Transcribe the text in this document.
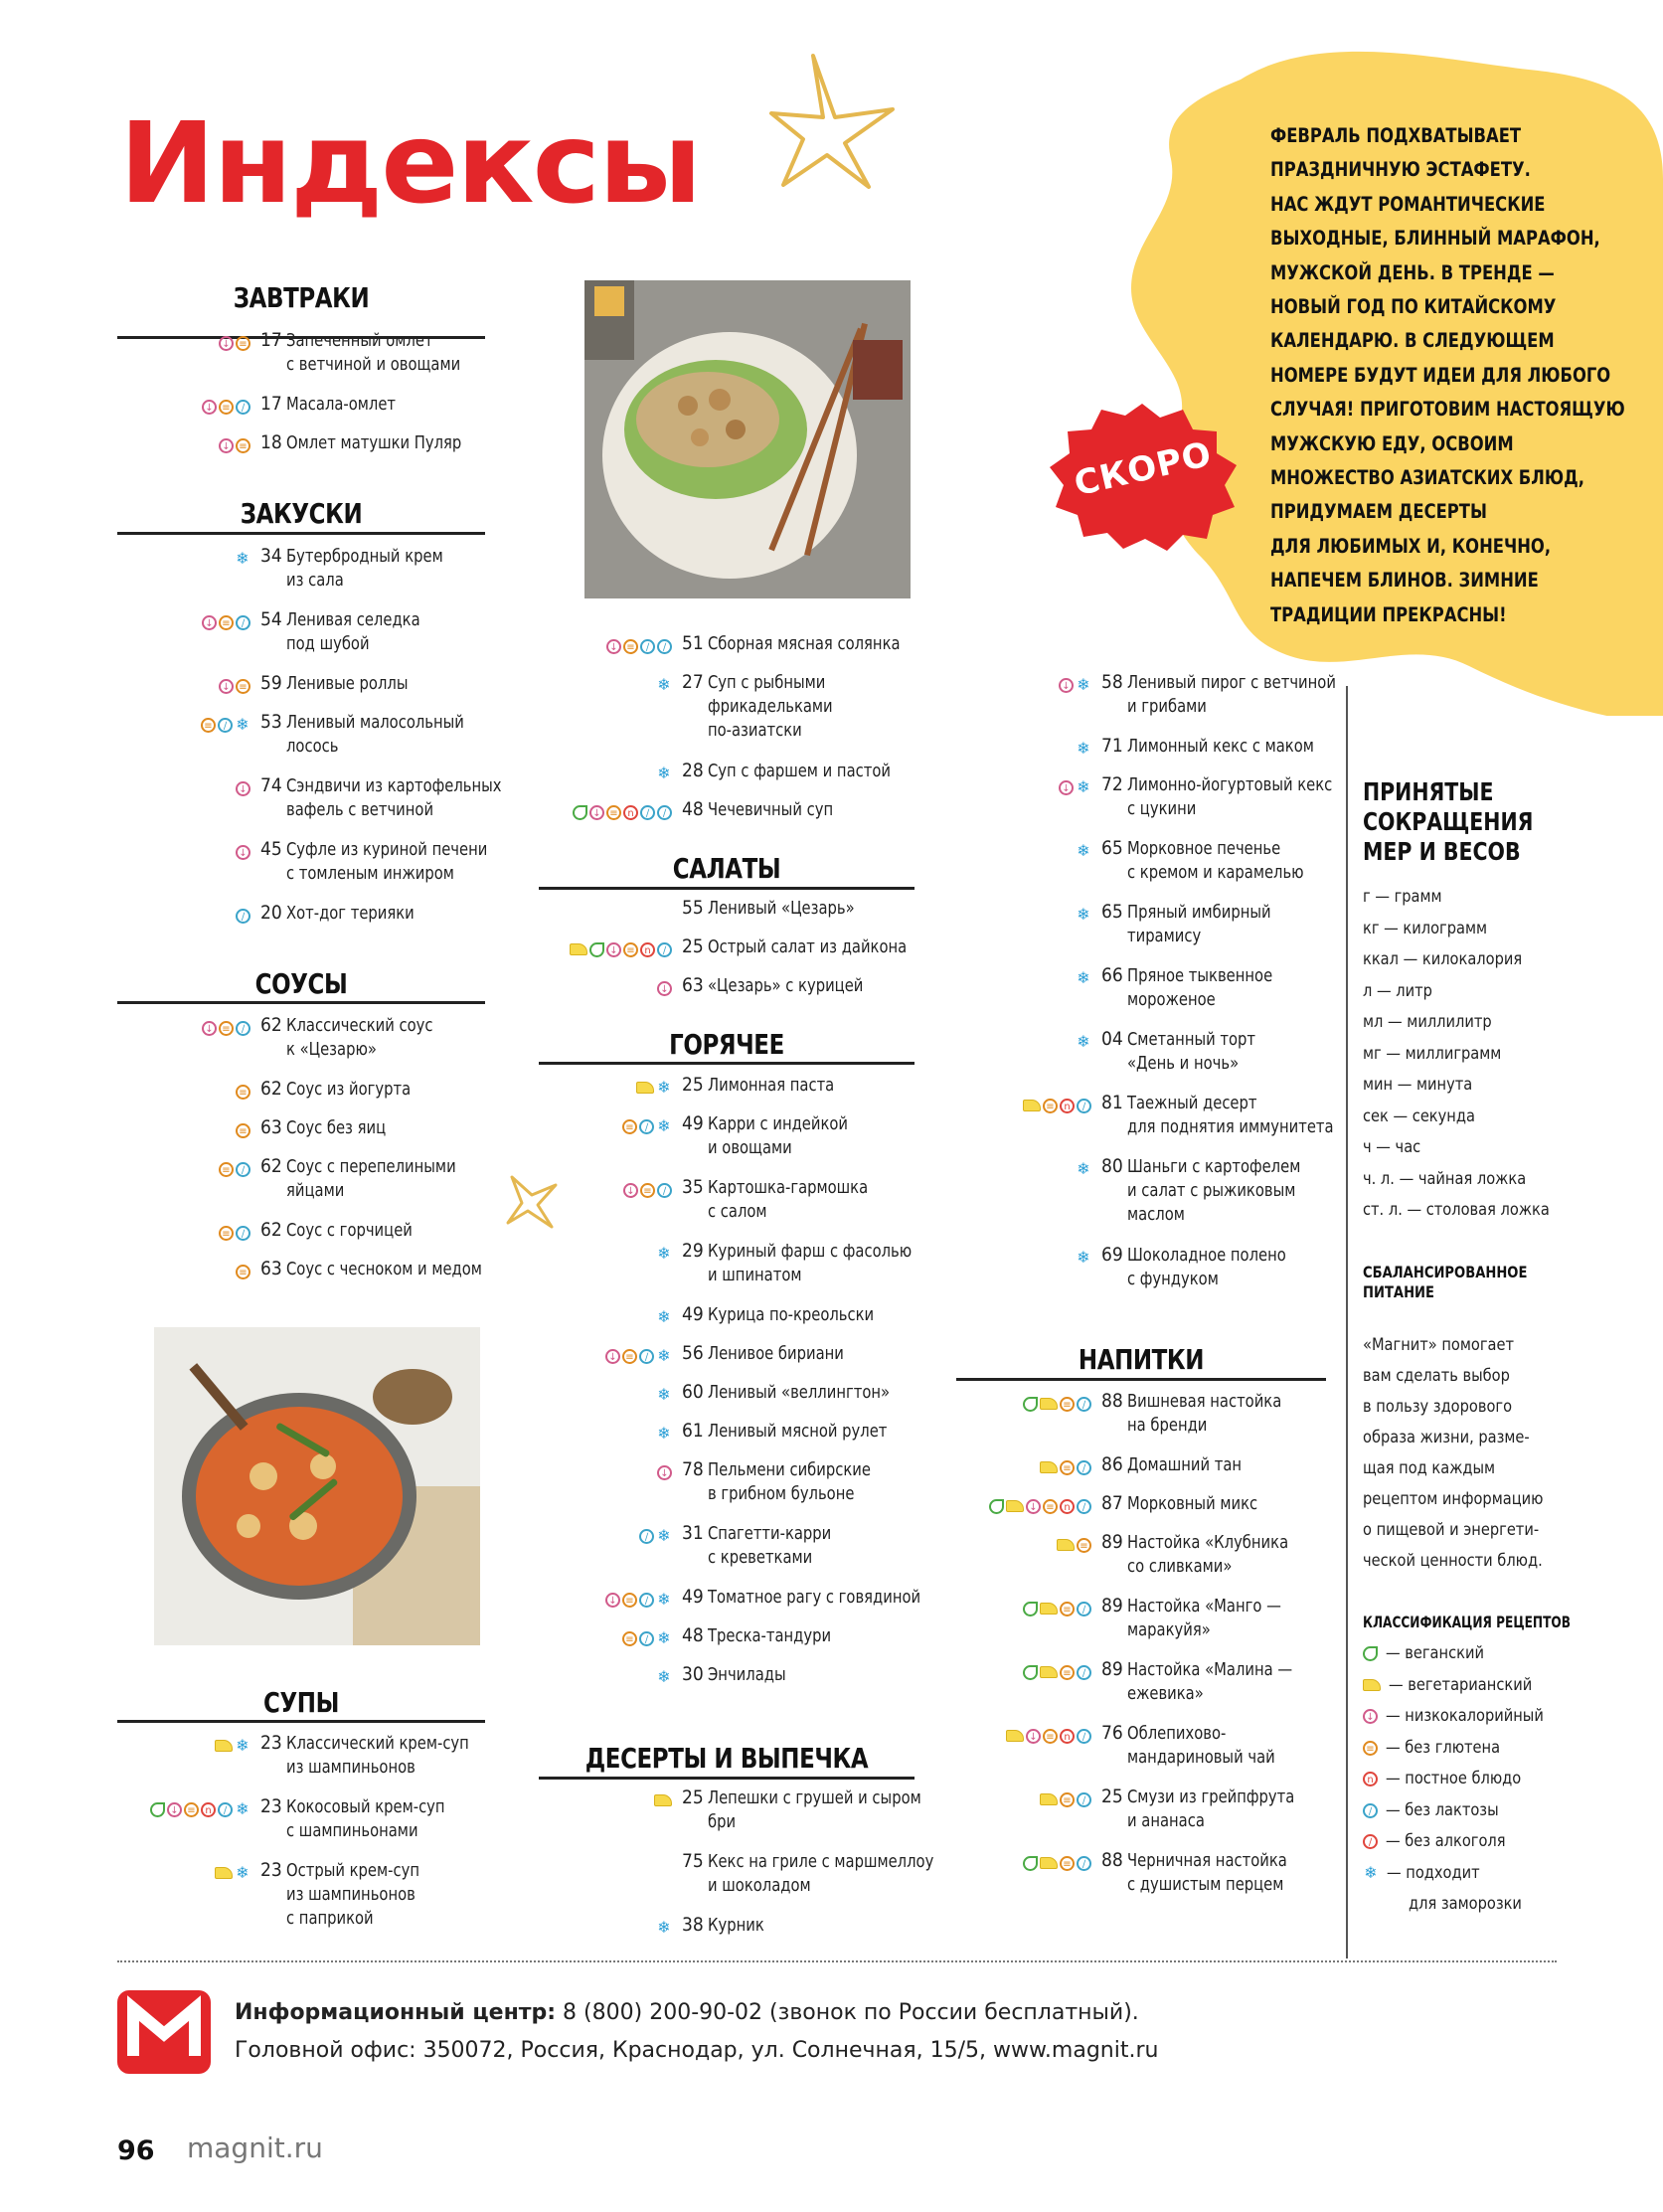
Индексы	ФЕВРАЛЬ ПОДХВАТЫВАЕТ
ПРАЗДНИЧНУЮ ЭСТАФЕТУ.
НАС ЖДУТ РОМАНТИЧЕСКИЕ
ВЫХОДНЫЕ, БЛИННЫЙ МАРАФОН,
МУЖСКОЙ ДЕНЬ. В ТРЕНДЕ —
НОВЫЙ ГОД ПО КИТАЙСКОМУ
КАЛЕНДАРЮ. В СЛЕДУЮЩЕМ
НОМЕРЕ БУДУТ ИДЕИ ДЛЯ ЛЮБОГО
СЛУЧАЯ! ПРИГОТОВИМ НАСТОЯЩУЮ
МУЖСКУЮ ЕДУ, ОСВОИМ
МНОЖЕСТВО АЗИАТСКИХ БЛЮД,
ПРИДУМАЕМ ДЕСЕРТЫ
ДЛЯ ЛЮБИМЫХ И, КОНЕЧНО,
НАПЕЧЕМ БЛИНОВ. ЗИМНИЕ
ТРАДИЦИИ ПРЕКРАСНЫ!
СКОРО
ПРИНЯТЫЕ
СОКРАЩЕНИЯ
МЕР И ВЕСОВ
г — грамм
кг — килограмм
ккал — килокалория
л — литр
мл — миллилитр
мг — миллиграмм
мин — минута
сек — секунда
ч — час
ч. л. — чайная ложка
ст. л. — столовая ложка
СБАЛАНСИРОВАННОЕ
ПИТАНИЕ
«Магнит» помогает
вам сделать выбор
в пользу здорового
образа жизни, разме-
щая под каждым
рецептом информацию
о пищевой и энергети-
ческой ценности блюд.
КЛАССИФИКАЦИЯ РЕЦЕПТОВ
— веганский
— вегетарианский
↓ — низкокалорийный
≡ — без глютена
n — постное блюдо
∕ — без лактозы
∕ — без алкоголя
❄ — подходит
для заморозки
Информационный центр: 8 (800) 200-90-02 (звонок по России бесплатный).
Головной офис: 350072, Россия, Краснодар, ул. Солнечная, 15/5, www.magnit.ru
96 magnit.ru
ЗАВТРАКИ
↓ ≡ 17 Запеченный омлет
с ветчиной и овощами
↓ ≡	∕ 17 Масала-омлет
↓ ≡ 18 Омлет матушки Пуляр
ЗАКУСКИ
❄ 34 Бутербродный крем
из сала
↓ ≡	∕ 54 Ленивая селедка
под шубой
↓ ≡ 59 Ленивые роллы
≡	∕ ❄ 53 Ленивый малосольный
лосось
↓ 74 Сэндвичи из картофельных
вафель с ветчиной
↓ 45 Суфле из куриной печени
с томленым инжиром
∕ 20 Хот-дог терияки
СОУСЫ
↓ ≡	∕ 62 Классический соус
к «Цезарю»
≡ 62 Соус из йогурта
≡ 63 Соус без яиц
≡	∕ 62 Соус с перепелиными
яйцами
≡	∕ 62 Соус с горчицей
≡ 63 Соус с чесноком и медом
СУПЫ
❄ 23 Классический крем-суп
из шампиньонов
↓ ≡ n	∕ ❄ 23 Кокосовый крем-суп
с шампиньонами
❄ 23 Острый крем-суп
из шампиньонов
с паприкой
↓ ≡	∕	∕ 51 Сборная мясная солянка
❄ 27 Суп с рыбными
фрикадельками
по-азиатски
❄ 28 Суп с фаршем и пастой
↓ ≡ n	∕	∕ 48 Чечевичный суп
САЛАТЫ
55 Ленивый «Цезарь»
↓ ≡ n	∕ 25 Острый салат из дайкона
↓ 63 «Цезарь» с курицей
ГОРЯЧЕЕ
❄ 25 Лимонная паста
≡	∕ ❄ 49 Карри с индейкой
и овощами
↓ ≡	∕ 35 Картошка-гармошка
с салом
❄ 29 Куриный фарш с фасолью
и шпинатом
❄ 49 Курица по-креольски
↓ ≡	∕ ❄ 56 Ленивое бириани
❄ 60 Ленивый «веллингтон»
❄ 61 Ленивый мясной рулет
↓ 78 Пельмени сибирские
в грибном бульоне
∕ ❄ 31 Спагетти-карри
с креветками
↓ ≡	∕ ❄ 49 Томатное рагу с говядиной
≡	∕ ❄ 48 Треска-тандури
❄ 30 Энчилады
ДЕСЕРТЫ И ВЫПЕЧКА
25 Лепешки с грушей и сыром
бри
75 Кекс на гриле с маршмеллоу
и шоколадом
❄ 38 Курник
↓ ❄ 58 Ленивый пирог с ветчиной
и грибами
❄ 71 Лимонный кекс с маком
↓ ❄ 72 Лимонно-йогуртовый кекс
с цукини
❄ 65 Морковное печенье
с кремом и карамелью
❄ 65 Пряный имбирный
тирамису
❄ 66 Пряное тыквенное
мороженое
❄ 04 Сметанный торт
«День и ночь»
≡ n	∕ 81 Таежный десерт
для поднятия иммунитета
❄ 80 Шаньги с картофелем
и салат с рыжиковым
маслом
❄ 69 Шоколадное полено
с фундуком
НАПИТКИ
≡	∕ 88 Вишневая настойка
на бренди
≡	∕ 86 Домашний тан
↓ ≡ n	∕ 87 Морковный микс
≡ 89 Настойка «Клубника
со сливками»
≡	∕ 89 Настойка «Манго —
маракуйя»
≡	∕ 89 Настойка «Малина —
ежевика»
↓ ≡ n	∕ 76 Облепихово-
мандариновый чай
≡	∕ 25 Смузи из грейпфрута
и ананаса
≡	∕ 88 Черничная настойка
с душистым перцем
